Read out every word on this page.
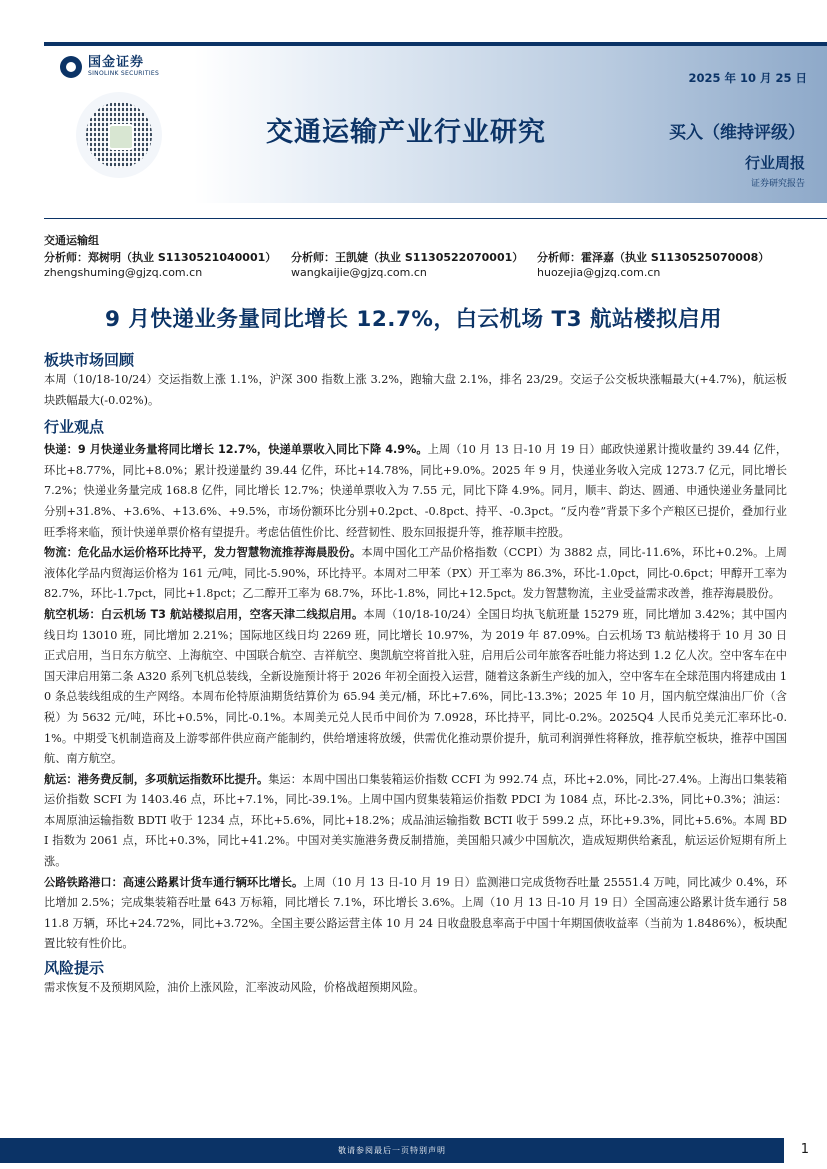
国金证券
SINOLINK SECURITIES	2025 年 10 月 25 日
交通运输产业行业研究	买入（维持评级）
行业周报
证券研究报告
交通运输组
分析师：郑树明（执业 S1130521040001） 分析师：王凯婕（执业 S1130522070001） 分析师：霍泽嘉（执业 S1130525070008）
zhengshuming@gjzq.com.cn	wangkaijie@gjzq.com.cn	huozejia@gjzq.com.cn
9 月快递业务量同比增长 12.7%，白云机场 T3 航站楼拟启用
板块市场回顾

本周（10/18-10/24）交运指数上涨 1.1%，沪深 300 指数上涨 3.2%，跑输大盘 2.1%，排名 23/29。交运子公交板块涨幅最大(+4.7%)，航运板块跌幅最大(-0.02%)。

行业观点

快递：9 月快递业务量将同比增长 12.7%，快递单票收入同比下降 4.9%。上周（10 月 13 日-10 月 19 日）邮政快递累计揽收量约 39.44 亿件，环比+8.77%，同比+8.0%；累计投递量约 39.44 亿件，环比+14.78%，同比+9.0%。2025 年 9 月，快递业务收入完成 1273.7 亿元，同比增长 7.2%；快递业务量完成 168.8 亿件，同比增长 12.7%；快递单票收入为 7.55 元，同比下降 4.9%。同月，顺丰、韵达、圆通、申通快递业务量同比分别+31.8%、+3.6%、+13.6%、+9.5%，市场份额环比分别+0.2pct、-0.8pct、持平、-0.3pct。“反内卷”背景下多个产粮区已提价，叠加行业旺季将来临，预计快递单票价格有望提升。考虑估值性价比、经营韧性、股东回报提升等，推荐顺丰控股。

物流：危化品水运价格环比持平，发力智慧物流推荐海晨股份。本周中国化工产品价格指数（CCPI）为 3882 点，同比-11.6%，环比+0.2%。上周液体化学品内贸海运价格为 161 元/吨，同比-5.90%，环比持平。本周对二甲苯（PX）开工率为 86.3%，环比-1.0pct，同比-0.6pct；甲醇开工率为 82.7%，环比-1.7pct，同比+1.8pct；乙二醇开工率为 68.7%，环比-1.8%，同比+12.5pct。发力智慧物流，主业受益需求改善，推荐海晨股份。

航空机场：白云机场 T3 航站楼拟启用，空客天津二线拟启用。本周（10/18-10/24）全国日均执飞航班量 15279 班，同比增加 3.42%；其中国内线日均 13010 班，同比增加 2.21%；国际地区线日均 2269 班，同比增长 10.97%，为 2019 年 87.09%。白云机场 T3 航站楼将于 10 月 30 日正式启用，当日东方航空、上海航空、中国联合航空、吉祥航空、奥凯航空将首批入驻，启用后公司年旅客吞吐能力将达到 1.2 亿人次。空中客车在中国天津启用第二条 A320 系列飞机总装线，全新设施预计将于 2026 年初全面投入运营，随着这条新生产线的加入，空中客车在全球范围内将建成由 10 条总装线组成的生产网络。本周布伦特原油期货结算价为 65.94 美元/桶，环比+7.6%，同比-13.3%；2025 年 10 月，国内航空煤油出厂价（含税）为 5632 元/吨，环比+0.5%，同比-0.1%。本周美元兑人民币中间价为 7.0928，环比持平，同比-0.2%。2025Q4 人民币兑美元汇率环比-0.1%。中期受飞机制造商及上游零部件供应商产能制约，供给增速将放缓，供需优化推动票价提升，航司利润弹性将释放，推荐航空板块，推荐中国国航、南方航空。

航运：港务费反制，多项航运指数环比提升。集运：本周中国出口集装箱运价指数 CCFI 为 992.74 点，环比+2.0%，同比-27.4%。上海出口集装箱运价指数 SCFI 为 1403.46 点，环比+7.1%，同比-39.1%。上周中国内贸集装箱运价指数 PDCI 为 1084 点，环比-2.3%，同比+0.3%；油运：本周原油运输指数 BDTI 收于 1234 点，环比+5.6%，同比+18.2%；成品油运输指数 BCTI 收于 599.2 点，环比+9.3%，同比+5.6%。本周 BDI 指数为 2061 点，环比+0.3%，同比+41.2%。中国对美实施港务费反制措施，美国船只减少中国航次，造成短期供给紊乱，航运运价短期有所上涨。

公路铁路港口：高速公路累计货车通行辆环比增长。上周（10 月 13 日-10 月 19 日）监测港口完成货物吞吐量 25551.4 万吨，同比减少 0.4%，环比增加 2.5%；完成集装箱吞吐量 643 万标箱，同比增长 7.1%，环比增长 3.6%。上周（10 月 13 日-10 月 19 日）全国高速公路累计货车通行 5811.8 万辆，环比+24.72%，同比+3.72%。全国主要公路运营主体 10 月 24 日收盘股息率高于中国十年期国债收益率（当前为 1.8486%），板块配置比较有性价比。

风险提示

需求恢复不及预期风险，油价上涨风险，汇率波动风险，价格战超预期风险。

敬请参阅最后一页特别声明	1
